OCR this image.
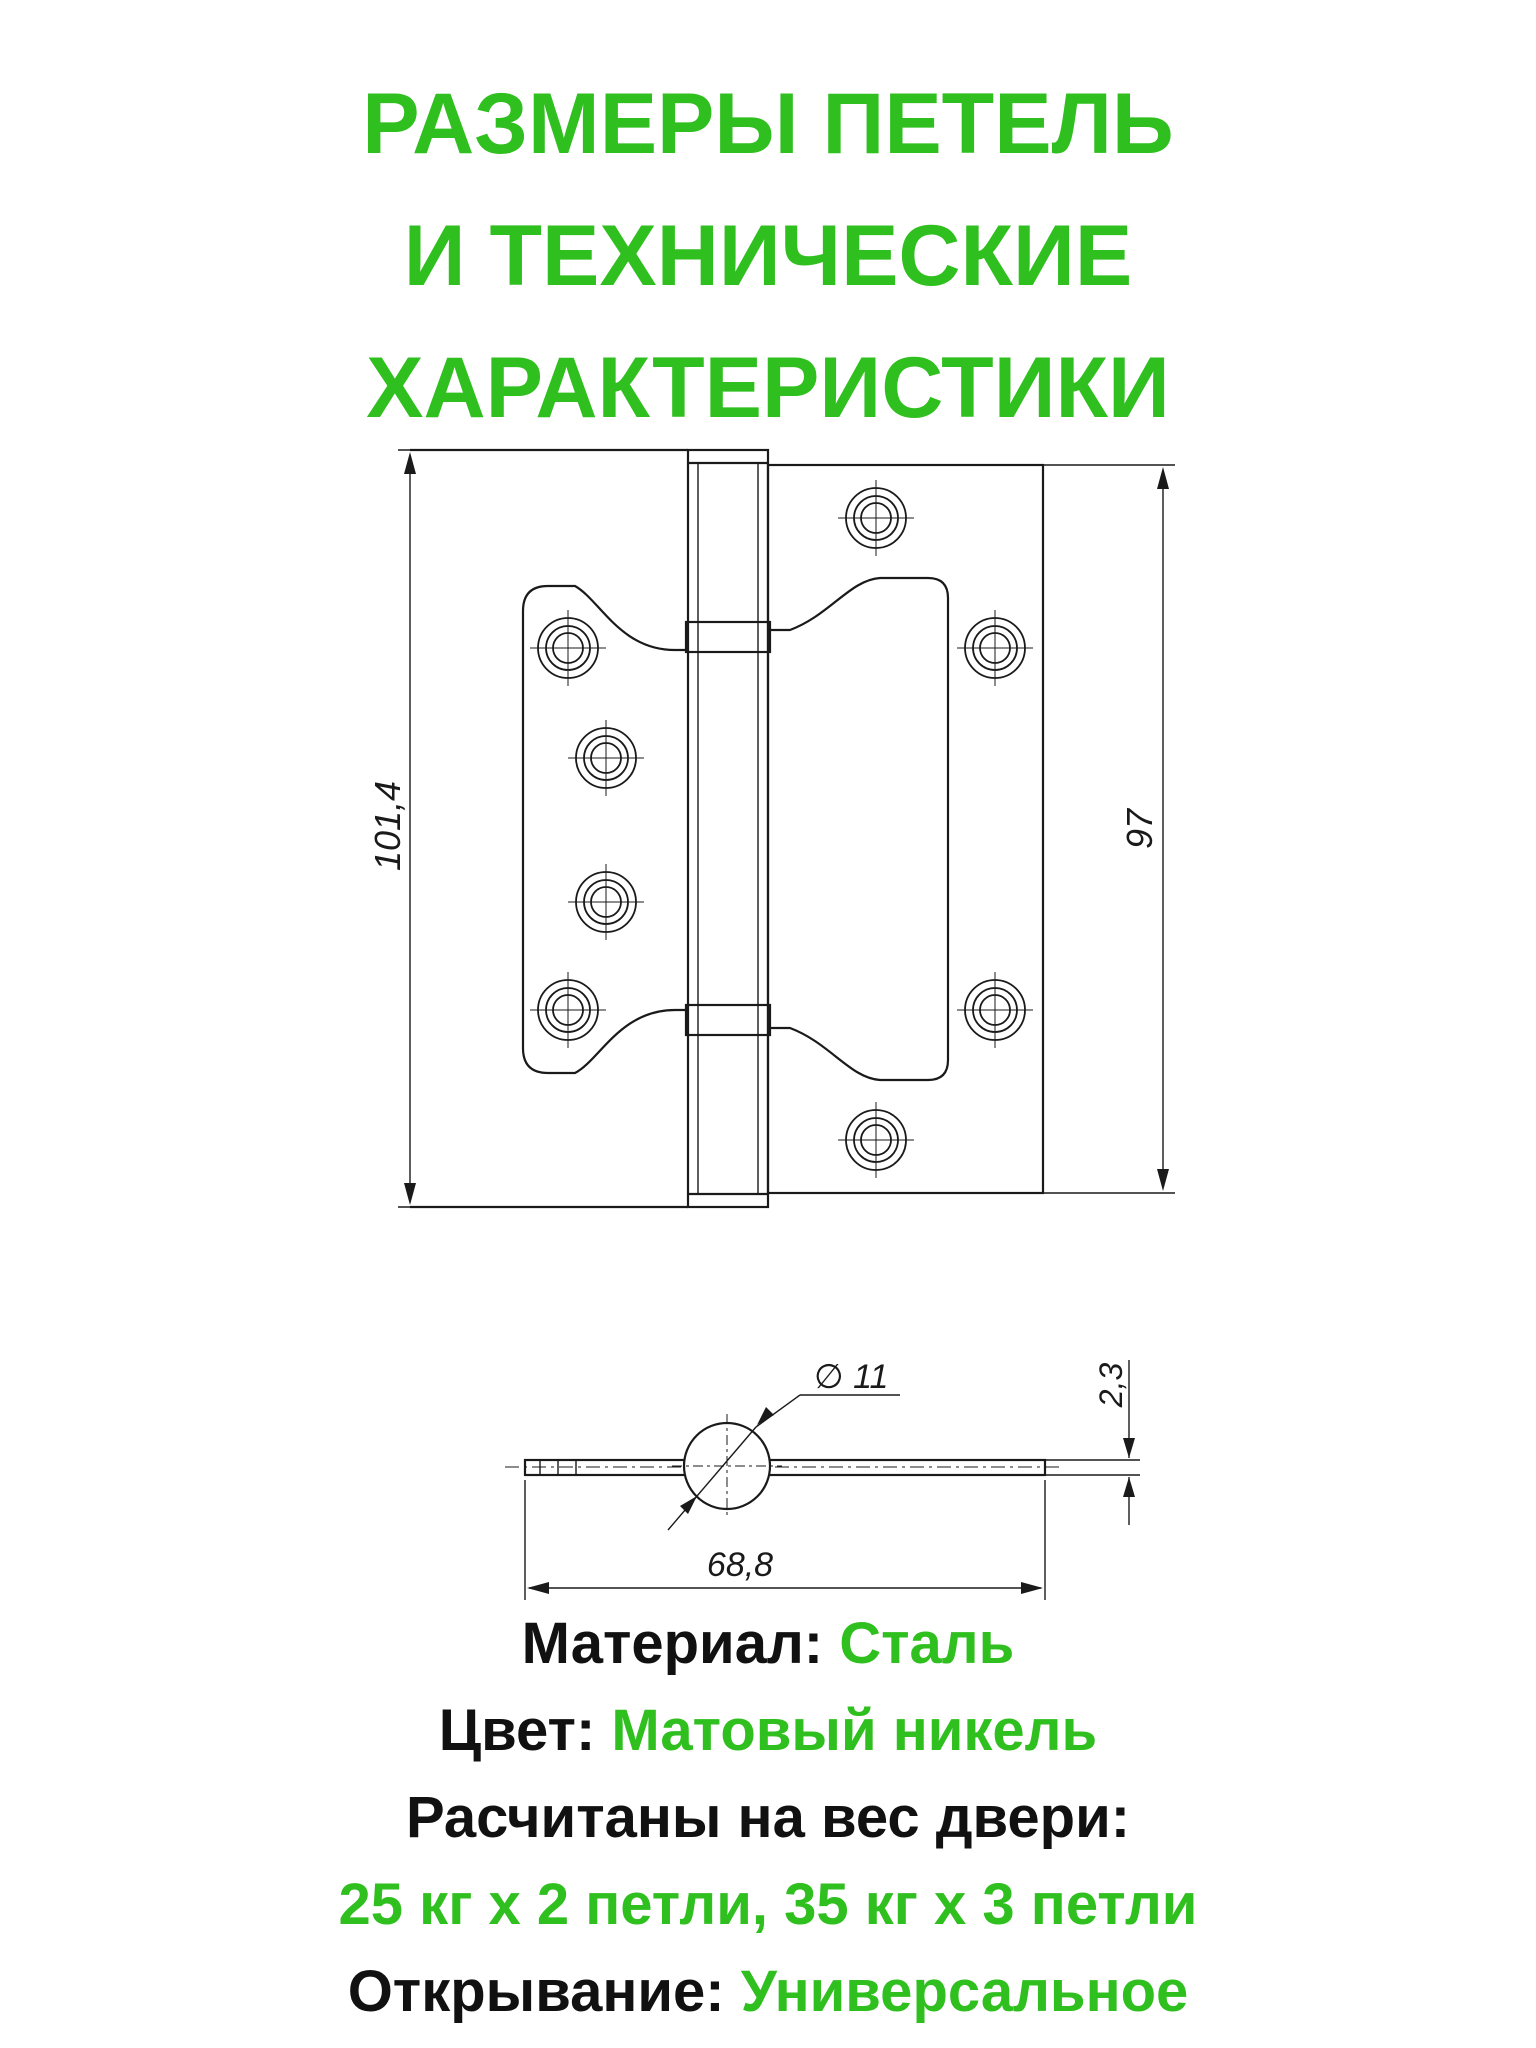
РАЗМЕРЫ ПЕТЕЛЬ
И ТЕХНИЧЕСКИЕ
ХАРАКТЕРИСТИКИ
101,4	97
∅ 11	2,3
68,8
Материал: Сталь
Цвет: Матовый никель
Расчитаны на вес двери:
25 кг х 2 петли, 35 кг х 3 петли
Открывание: Универсальное
